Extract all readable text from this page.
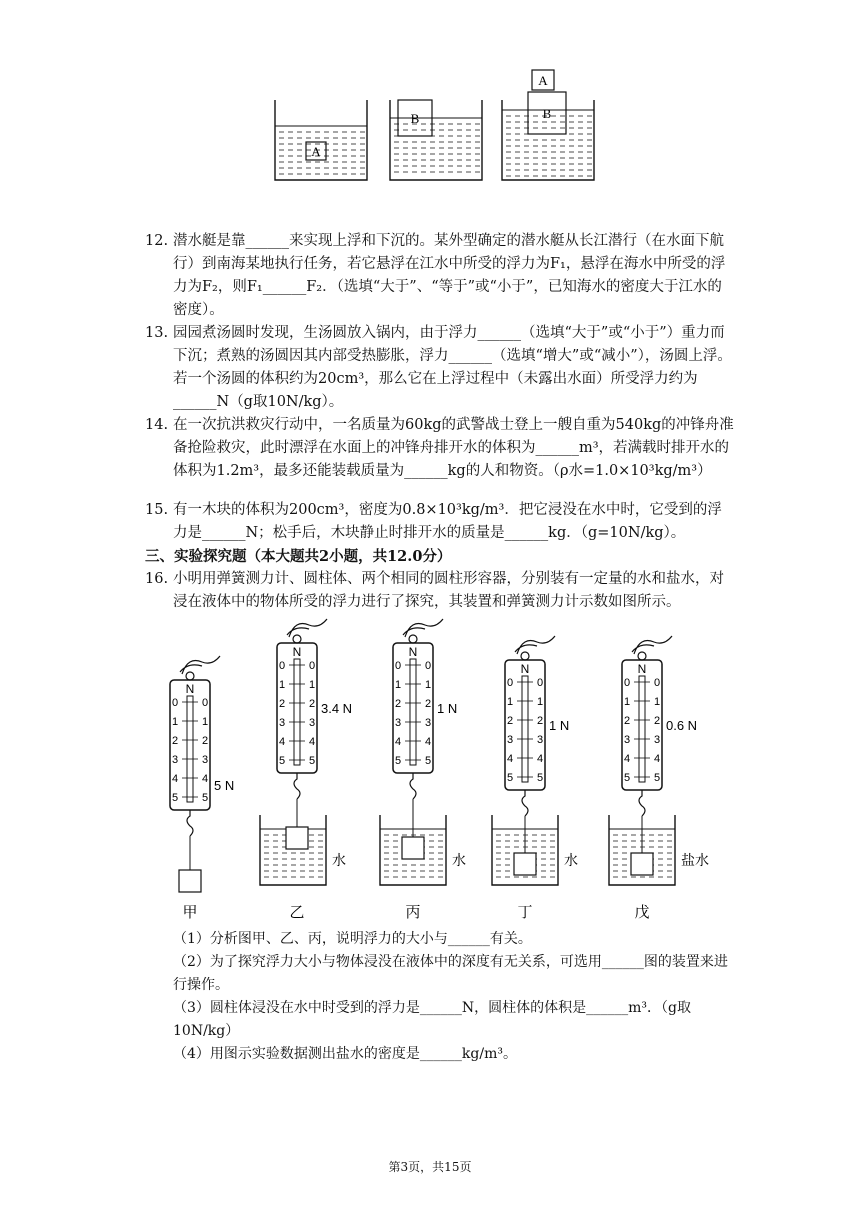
A
B	B
A
12. 潜水艇是靠______来实现上浮和下沉的。某外型确定的潜水艇从长江潜行（在水面下航行）到南海某地执行任务，若它悬浮在江水中所受的浮力为F₁，悬浮在海水中所受的浮力为F₂，则F₁______F₂．（选填“大于”、“等于”或“小于”，已知海水的密度大于江水的密度）。
13. 园园煮汤圆时发现，生汤圆放入锅内，由于浮力______（选填“大于”或“小于”）重力而下沉；煮熟的汤圆因其内部受热膨胀，浮力______（选填“增大”或“减小”），汤圆上浮。若一个汤圆的体积约为20cm³，那么它在上浮过程中（未露出水面）所受浮力约为______N（g取10N/kg）。
14. 在一次抗洪救灾行动中，一名质量为60kg的武警战士登上一艘自重为540kg的冲锋舟准备抢险救灾，此时漂浮在水面上的冲锋舟排开水的体积为______m³，若满载时排开水的体积为1.2m³，最多还能装载质量为______kg的人和物资。（ρ水=1.0×10³kg/m³）
15. 有一木块的体积为200cm³，密度为0.8×10³kg/m³．把它浸没在水中时，它受到的浮力是______N；松手后，木块静止时排开水的质量是______kg．（g=10N/kg）。
三、实验探究题（本大题共2小题，共12.0分）
16. 小明用弹簧测力计、圆柱体、两个相同的圆柱形容器，分别装有一定量的水和盐水，对浸在液体中的物体所受的浮力进行了探究，其装置和弹簧测力计示数如图所示。
N
0 0
1 1
2 2
3 3
4 4
5 5
5 N
甲
N
0 0
1 1
2 2
3 3
4 4
5 5
3.4 N
水
乙
N
0 0
1 1
2 2
3 3
4 4
5 5
1 N
水
丙
N
0 0
1 1
2 2
3 3
4 4
5 5
1 N
水
丁
N
0 0
1 1
2 2
3 3
4 4
5 5
0.6 N
盐水
戊
（1）分析图甲、乙、丙，说明浮力的大小与______有关。
（2）为了探究浮力大小与物体浸没在液体中的深度有无关系，可选用______图的装置来进行操作。
（3）圆柱体浸没在水中时受到的浮力是______N，圆柱体的体积是______m³．（g取10N/kg）
（4）用图示实验数据测出盐水的密度是______kg/m³。
第3页，共15页
